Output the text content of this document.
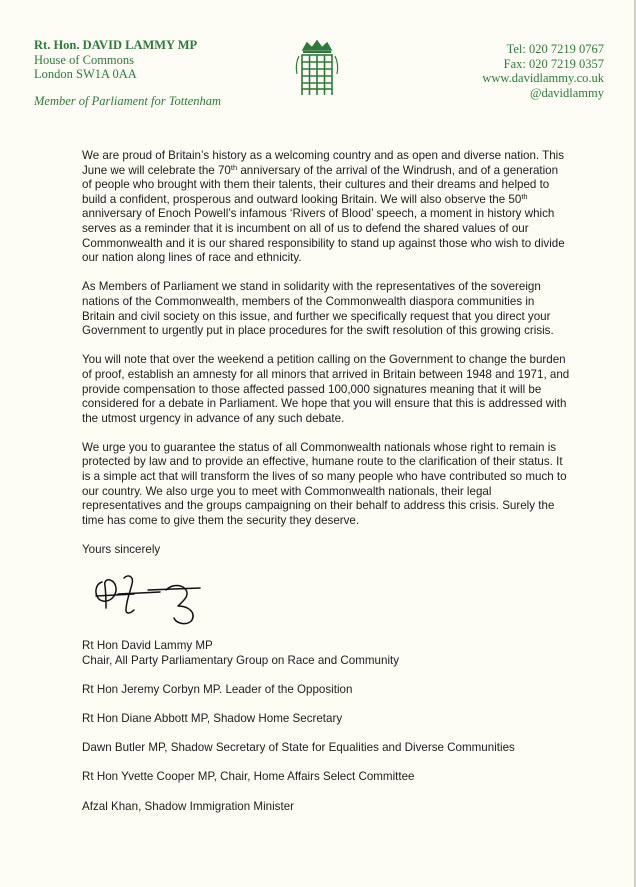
Rt. Hon. DAVID LAMMY MP
House of Commons
London SW1A 0AA
Member of Parliament for Tottenham
Tel: 020 7219 0767
Fax: 020 7219 0357
www.davidlammy.co.uk
@davidlammy

We are proud of Britain’s history as a welcoming country and as open and diverse nation. This June we will celebrate the 70th anniversary of the arrival of the Windrush, and of a generation of people who brought with them their talents, their cultures and their dreams and helped to build a confident, prosperous and outward looking Britain. We will also observe the 50th anniversary of Enoch Powell’s infamous ‘Rivers of Blood’ speech, a moment in history which serves as a reminder that it is incumbent on all of us to defend the shared values of our Commonwealth and it is our shared responsibility to stand up against those who wish to divide our nation along lines of race and ethnicity.

As Members of Parliament we stand in solidarity with the representatives of the sovereign nations of the Commonwealth, members of the Commonwealth diaspora communities in Britain and civil society on this issue, and further we specifically request that you direct your Government to urgently put in place procedures for the swift resolution of this growing crisis.

You will note that over the weekend a petition calling on the Government to change the burden of proof, establish an amnesty for all minors that arrived in Britain between 1948 and 1971, and provide compensation to those affected passed 100,000 signatures meaning that it will be considered for a debate in Parliament. We hope that you will ensure that this is addressed with the utmost urgency in advance of any such debate.

We urge you to guarantee the status of all Commonwealth nationals whose right to remain is protected by law and to provide an effective, humane route to the clarification of their status. It is a simple act that will transform the lives of so many people who have contributed so much to our country. We also urge you to meet with Commonwealth nationals, their legal representatives and the groups campaigning on their behalf to address this crisis. Surely the time has come to give them the security they deserve.

Yours sincerely

Rt Hon David Lammy MP
Chair, All Party Parliamentary Group on Race and Community
Rt Hon Jeremy Corbyn MP. Leader of the Opposition
Rt Hon Diane Abbott MP, Shadow Home Secretary
Dawn Butler MP, Shadow Secretary of State for Equalities and Diverse Communities
Rt Hon Yvette Cooper MP, Chair, Home Affairs Select Committee
Afzal Khan, Shadow Immigration Minister
